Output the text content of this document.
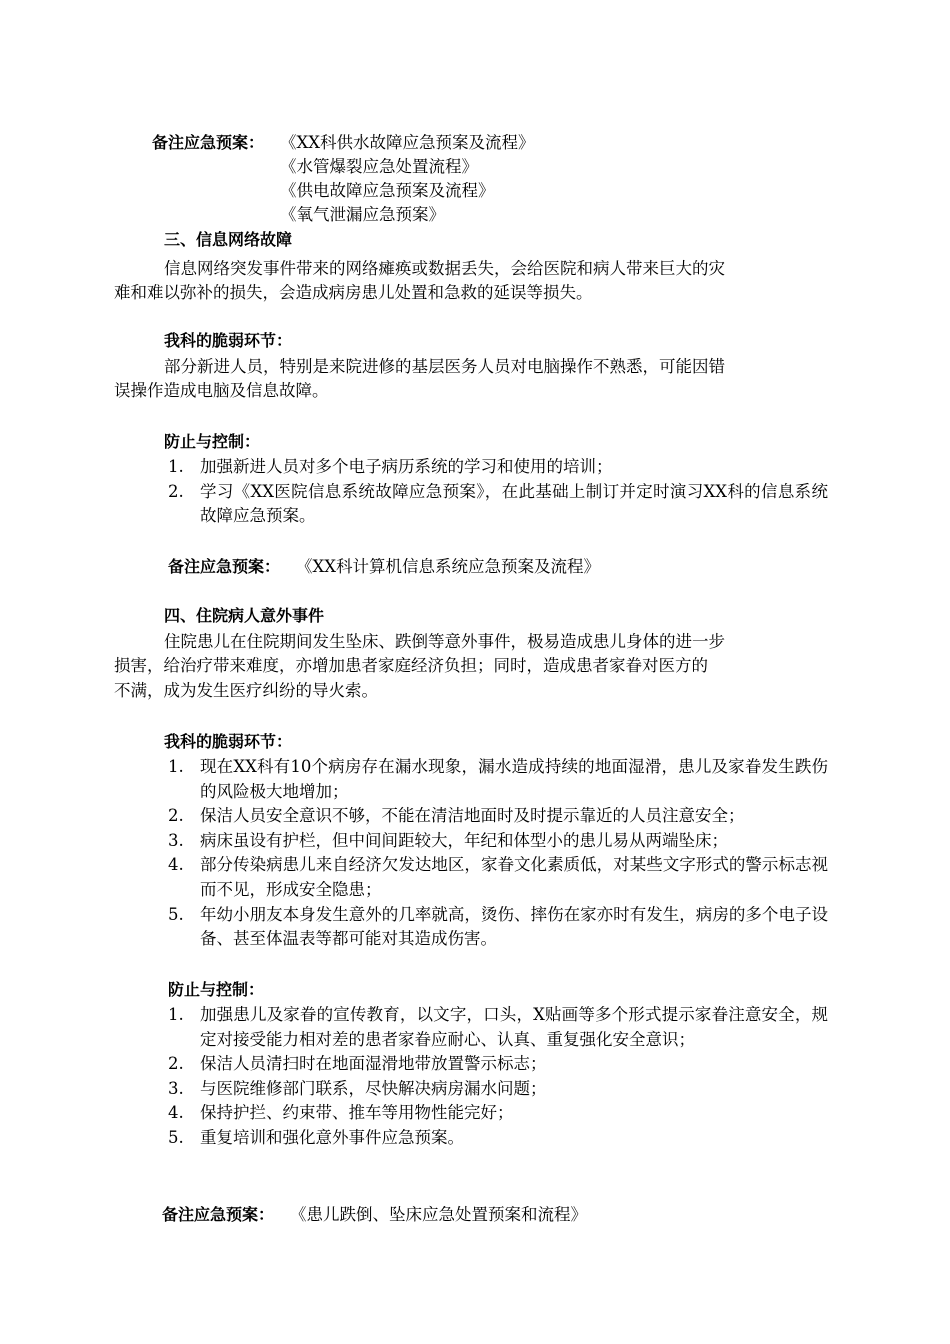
备注应急预案： 《XX科供水故障应急预案及流程》
《水管爆裂应急处置流程》
《供电故障应急预案及流程》
《氧气泄漏应急预案》
三、信息网络故障
信息网络突发事件带来的网络瘫痪或数据丢失，会给医院和病人带来巨大的灾
难和难以弥补的损失，会造成病房患儿处置和急救的延误等损失。
我科的脆弱环节：
部分新进人员，特别是来院进修的基层医务人员对电脑操作不熟悉，可能因错
误操作造成电脑及信息故障。
防止与控制：
1. 加强新进人员对多个电子病历系统的学习和使用的培训；
2. 学习《XX医院信息系统故障应急预案》，在此基础上制订并定时演习XX科的信息系统故障应急预案。
备注应急预案： 《XX科计算机信息系统应急预案及流程》
四、住院病人意外事件
住院患儿在住院期间发生坠床、跌倒等意外事件，极易造成患儿身体的进一步
损害，给治疗带来难度，亦增加患者家庭经济负担；同时，造成患者家眷对医方的
不满，成为发生医疗纠纷的导火索。
我科的脆弱环节：
1. 现在XX科有10个病房存在漏水现象，漏水造成持续的地面湿滑，患儿及家眷发生跌伤的风险极大地增加；
2. 保洁人员安全意识不够，不能在清洁地面时及时提示靠近的人员注意安全；
3. 病床虽设有护栏，但中间间距较大，年纪和体型小的患儿易从两端坠床；
4. 部分传染病患儿来自经济欠发达地区，家眷文化素质低，对某些文字形式的警示标志视而不见，形成安全隐患；
5. 年幼小朋友本身发生意外的几率就高，烫伤、摔伤在家亦时有发生，病房的多个电子设备、甚至体温表等都可能对其造成伤害。
防止与控制：
1. 加强患儿及家眷的宣传教育，以文字，口头，X贴画等多个形式提示家眷注意安全，规定对接受能力相对差的患者家眷应耐心、认真、重复强化安全意识；
2. 保洁人员清扫时在地面湿滑地带放置警示标志；
3. 与医院维修部门联系，尽快解决病房漏水问题；
4. 保持护拦、约束带、推车等用物性能完好；
5. 重复培训和强化意外事件应急预案。
备注应急预案： 《患儿跌倒、坠床应急处置预案和流程》
